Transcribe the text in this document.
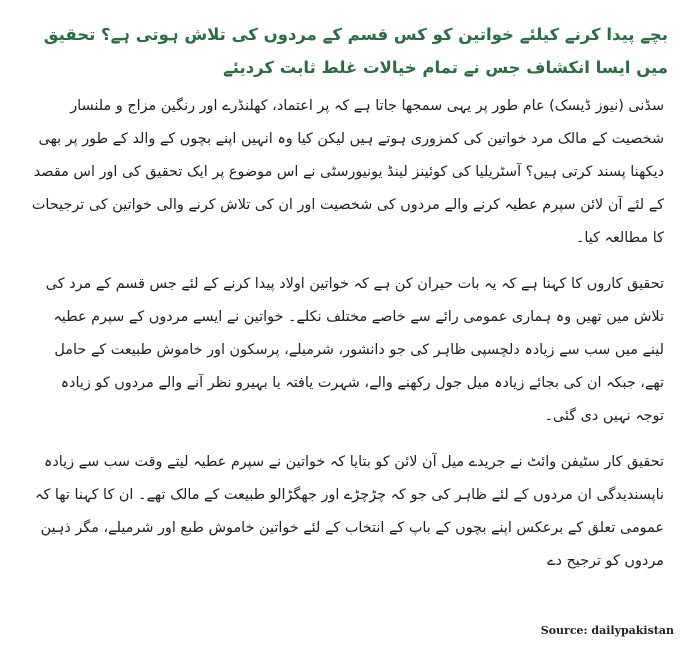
بچے پیدا کرنے کیلئے خواتین کو کس قسم کے مردوں کی تلاش ہوتی ہے؟ تحقیق میں ایسا انکشاف جس نے تمام خیالات غلط ثابت کردیئے

سڈنی (نیوز ڈیسک) عام طور پر یہی سمجھا جاتا ہے کہ پر اعتماد، کھلنڈرے اور رنگین مزاج و ملنسار شخصیت کے مالک مرد خواتین کی کمزوری ہوتے ہیں لیکن کیا وہ انہیں اپنے بچوں کے والد کے طور پر بھی دیکھنا پسند کرتی ہیں؟ آسٹریلیا کی کوئینز لینڈ یونیورسٹی نے اس موضوع پر ایک تحقیق کی اور اس مقصد کے لئے آن لائن سپرم عطیہ کرنے والے مردوں کی شخصیت اور ان کی تلاش کرنے والی خواتین کی ترجیحات کا مطالعہ کیا۔

تحقیق کاروں کا کہنا ہے کہ یہ بات حیران کن ہے کہ خواتین اولاد پیدا کرنے کے لئے جس قسم کے مرد کی تلاش میں تھیں وہ ہماری عمومی رائے سے خاصے مختلف نکلے۔ خواتین نے ایسے مردوں کے سپرم عطیہ لینے میں سب سے زیادہ دلچسپی ظاہر کی جو دانشور، شرمیلے، پرسکون اور خاموش طبیعت کے حامل تھے، جبکہ ان کی بجائے زیادہ میل جول رکھنے والے، شہرت یافتہ یا بہیرو نظر آنے والے مردوں کو زیادہ توجہ نہیں دی گئی۔

تحقیق کار سٹیفن وائٹ نے جریدے میل آن لائن کو بتایا کہ خواتین نے سپرم عطیہ لیتے وقت سب سے زیادہ ناپسندیدگی ان مردوں کے لئے ظاہر کی جو کہ چڑچڑے اور جھگڑالو طبیعت کے مالک تھے۔ ان کا کہنا تھا کہ عمومی تعلق کے برعکس اپنے بچوں کے باپ کے انتخاب کے لئے خواتین خاموش طبع اور شرمیلے، مگر ذہین مردوں کو ترجیح دے

Source: dailypakistan
